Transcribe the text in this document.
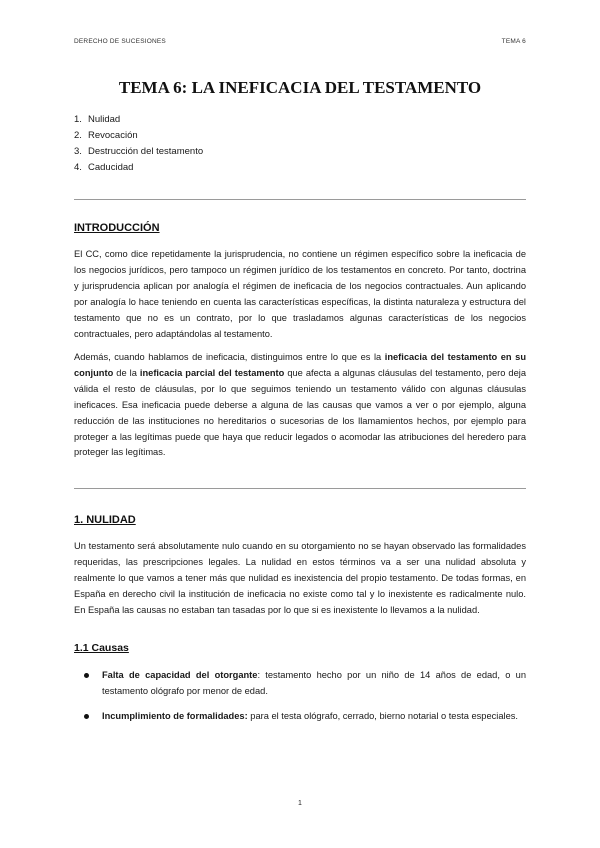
DERECHO DE SUCESIONES	TEMA 6
TEMA 6: LA INEFICACIA DEL TESTAMENTO
1. Nulidad
2. Revocación
3. Destrucción del testamento
4. Caducidad
INTRODUCCIÓN

El CC, como dice repetidamente la jurisprudencia, no contiene un régimen específico sobre la ineficacia de los negocios jurídicos, pero tampoco un régimen jurídico de los testamentos en concreto. Por tanto, doctrina y jurisprudencia aplican por analogía el régimen de ineficacia de los negocios contractuales. Aun aplicando por analogía lo hace teniendo en cuenta las características específicas, la distinta naturaleza y estructura del testamento que no es un contrato, por lo que trasladamos algunas características de los negocios contractuales, pero adaptándolas al testamento.

Además, cuando hablamos de ineficacia, distinguimos entre lo que es la ineficacia del testamento en su conjunto de la ineficacia parcial del testamento que afecta a algunas cláusulas del testamento, pero deja válida el resto de cláusulas, por lo que seguimos teniendo un testamento válido con algunas cláusulas ineficaces. Esa ineficacia puede deberse a alguna de las causas que vamos a ver o por ejemplo, alguna reducción de las instituciones no hereditarios o sucesorias de los llamamientos hechos, por ejemplo para proteger a las legítimas puede que haya que reducir legados o acomodar las atribuciones del heredero para proteger las legítimas.

1. NULIDAD

Un testamento será absolutamente nulo cuando en su otorgamiento no se hayan observado las formalidades requeridas, las prescripciones legales. La nulidad en estos términos va a ser una nulidad absoluta y realmente lo que vamos a tener más que nulidad es inexistencia del propio testamento. De todas formas, en España en derecho civil la institución de ineficacia no existe como tal y lo inexistente es radicalmente nulo. En España las causas no estaban tan tasadas por lo que si es inexistente lo llevamos a la nulidad.

1.1 Causas
Falta de capacidad del otorgante: testamento hecho por un niño de 14 años de edad, o un testamento ológrafo por menor de edad.
Incumplimiento de formalidades: para el testa ológrafo, cerrado, bierno notarial o testa especiales.
1
